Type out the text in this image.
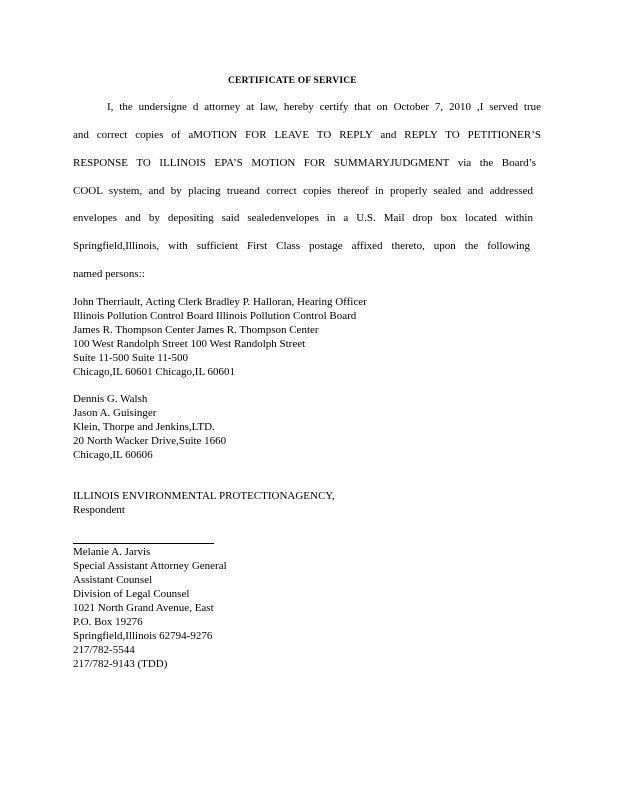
CERTIFICATE OF SERVICE
I, the undersigne d attorney at law, hereby certify that on October 7, 2010 ,I served true
and correct copies of aMOTION FOR LEAVE TO REPLY and REPLY TO PETITIONER’S
RESPONSE TO ILLINOIS EPA’S MOTION FOR SUMMARYJUDGMENT via the Board’s
COOL system, and by placing trueand correct copies thereof in properly sealed and addressed
envelopes and by depositing said sealedenvelopes in a U.S. Mail drop box located within
Springfield,Illinois, with sufficient First Class postage affixed thereto, upon the following
named persons::
John Therriault, Acting Clerk Bradley P. Halloran, Hearing Officer
Illinois Pollution Control Board Illinois Pollution Control Board
James R. Thompson Center James R. Thompson Center
100 West Randolph Street 100 West Randolph Street
Suite 11-500 Suite 11-500
Chicago,IL 60601 Chicago,IL 60601
Dennis G. Walsh
Jason A. Guisinger
Klein, Thorpe and Jenkins,LTD.
20 North Wacker Drive,Suite 1660
Chicago,IL 60606
ILLINOIS ENVIRONMENTAL PROTECTIONAGENCY,
Respondent
Melanie A. Jarvis
Special Assistant Attorney General
Assistant Counsel
Division of Legal Counsel
1021 North Grand Avenue, East
P.O. Box 19276
Springfield,Illinois 62794-9276
217/782-5544
217/782-9143 (TDD)
